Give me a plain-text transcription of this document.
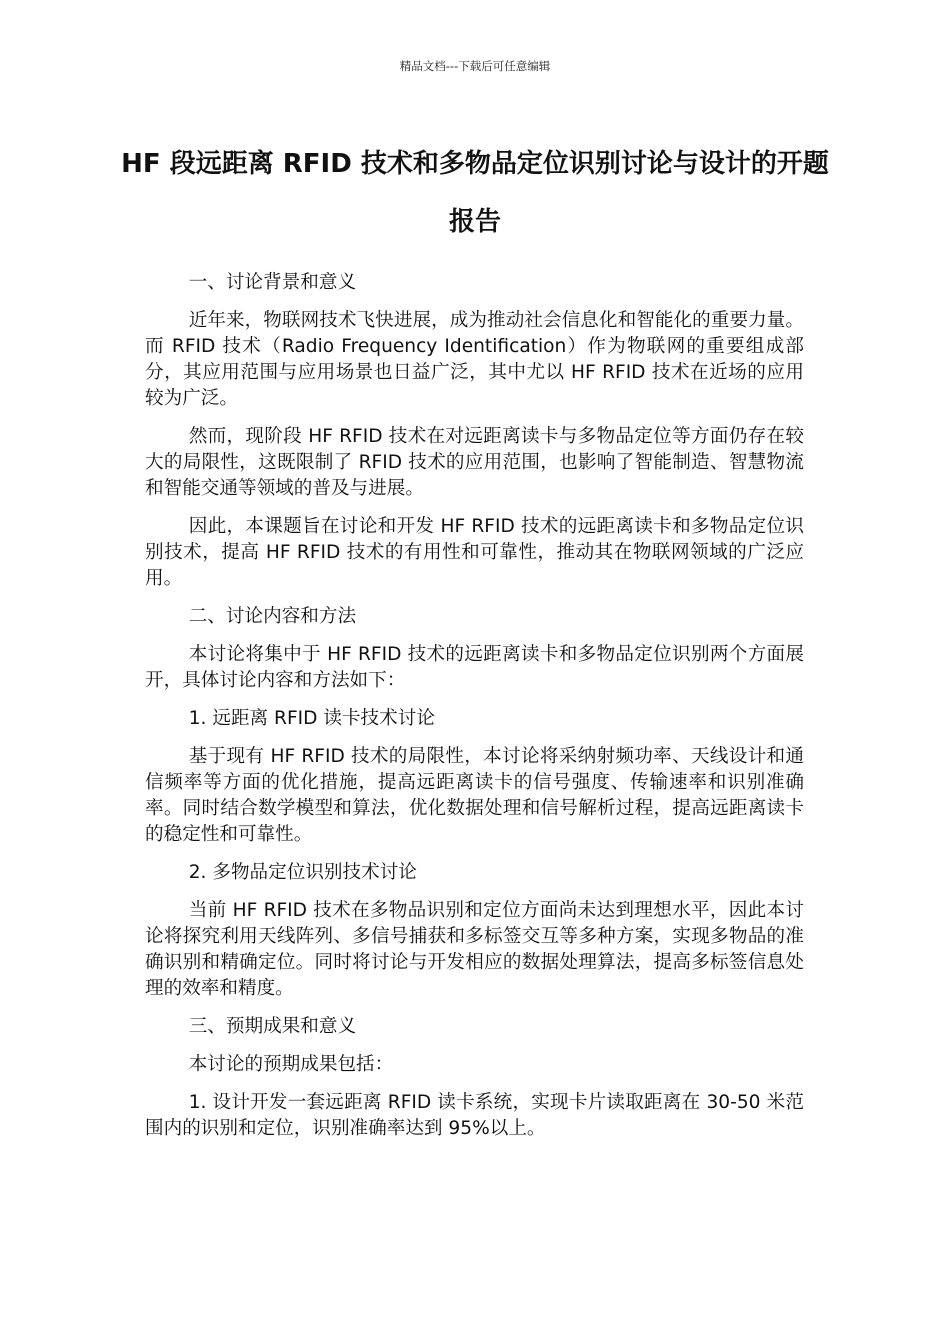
精品文档---下载后可任意编辑
HF 段远距离 RFID 技术和多物品定位识别讨论与设计的开题报告

一、讨论背景和意义

近年来，物联网技术飞快进展，成为推动社会信息化和智能化的重要力量。而 RFID 技术（Radio Frequency Identification）作为物联网的重要组成部分，其应用范围与应用场景也日益广泛，其中尤以 HF RFID 技术在近场的应用较为广泛。

然而，现阶段 HF RFID 技术在对远距离读卡与多物品定位等方面仍存在较大的局限性，这既限制了 RFID 技术的应用范围，也影响了智能制造、智慧物流和智能交通等领域的普及与进展。

因此，本课题旨在讨论和开发 HF RFID 技术的远距离读卡和多物品定位识别技术，提高 HF RFID 技术的有用性和可靠性，推动其在物联网领域的广泛应用。

二、讨论内容和方法

本讨论将集中于 HF RFID 技术的远距离读卡和多物品定位识别两个方面展开，具体讨论内容和方法如下：

1. 远距离 RFID 读卡技术讨论

基于现有 HF RFID 技术的局限性，本讨论将采纳射频功率、天线设计和通信频率等方面的优化措施，提高远距离读卡的信号强度、传输速率和识别准确率。同时结合数学模型和算法，优化数据处理和信号解析过程，提高远距离读卡的稳定性和可靠性。

2. 多物品定位识别技术讨论

当前 HF RFID 技术在多物品识别和定位方面尚未达到理想水平，因此本讨论将探究利用天线阵列、多信号捕获和多标签交互等多种方案，实现多物品的准确识别和精确定位。同时将讨论与开发相应的数据处理算法，提高多标签信息处理的效率和精度。

三、预期成果和意义

本讨论的预期成果包括：

1. 设计开发一套远距离 RFID 读卡系统，实现卡片读取距离在 30-50 米范围内的识别和定位，识别准确率达到 95%以上。
